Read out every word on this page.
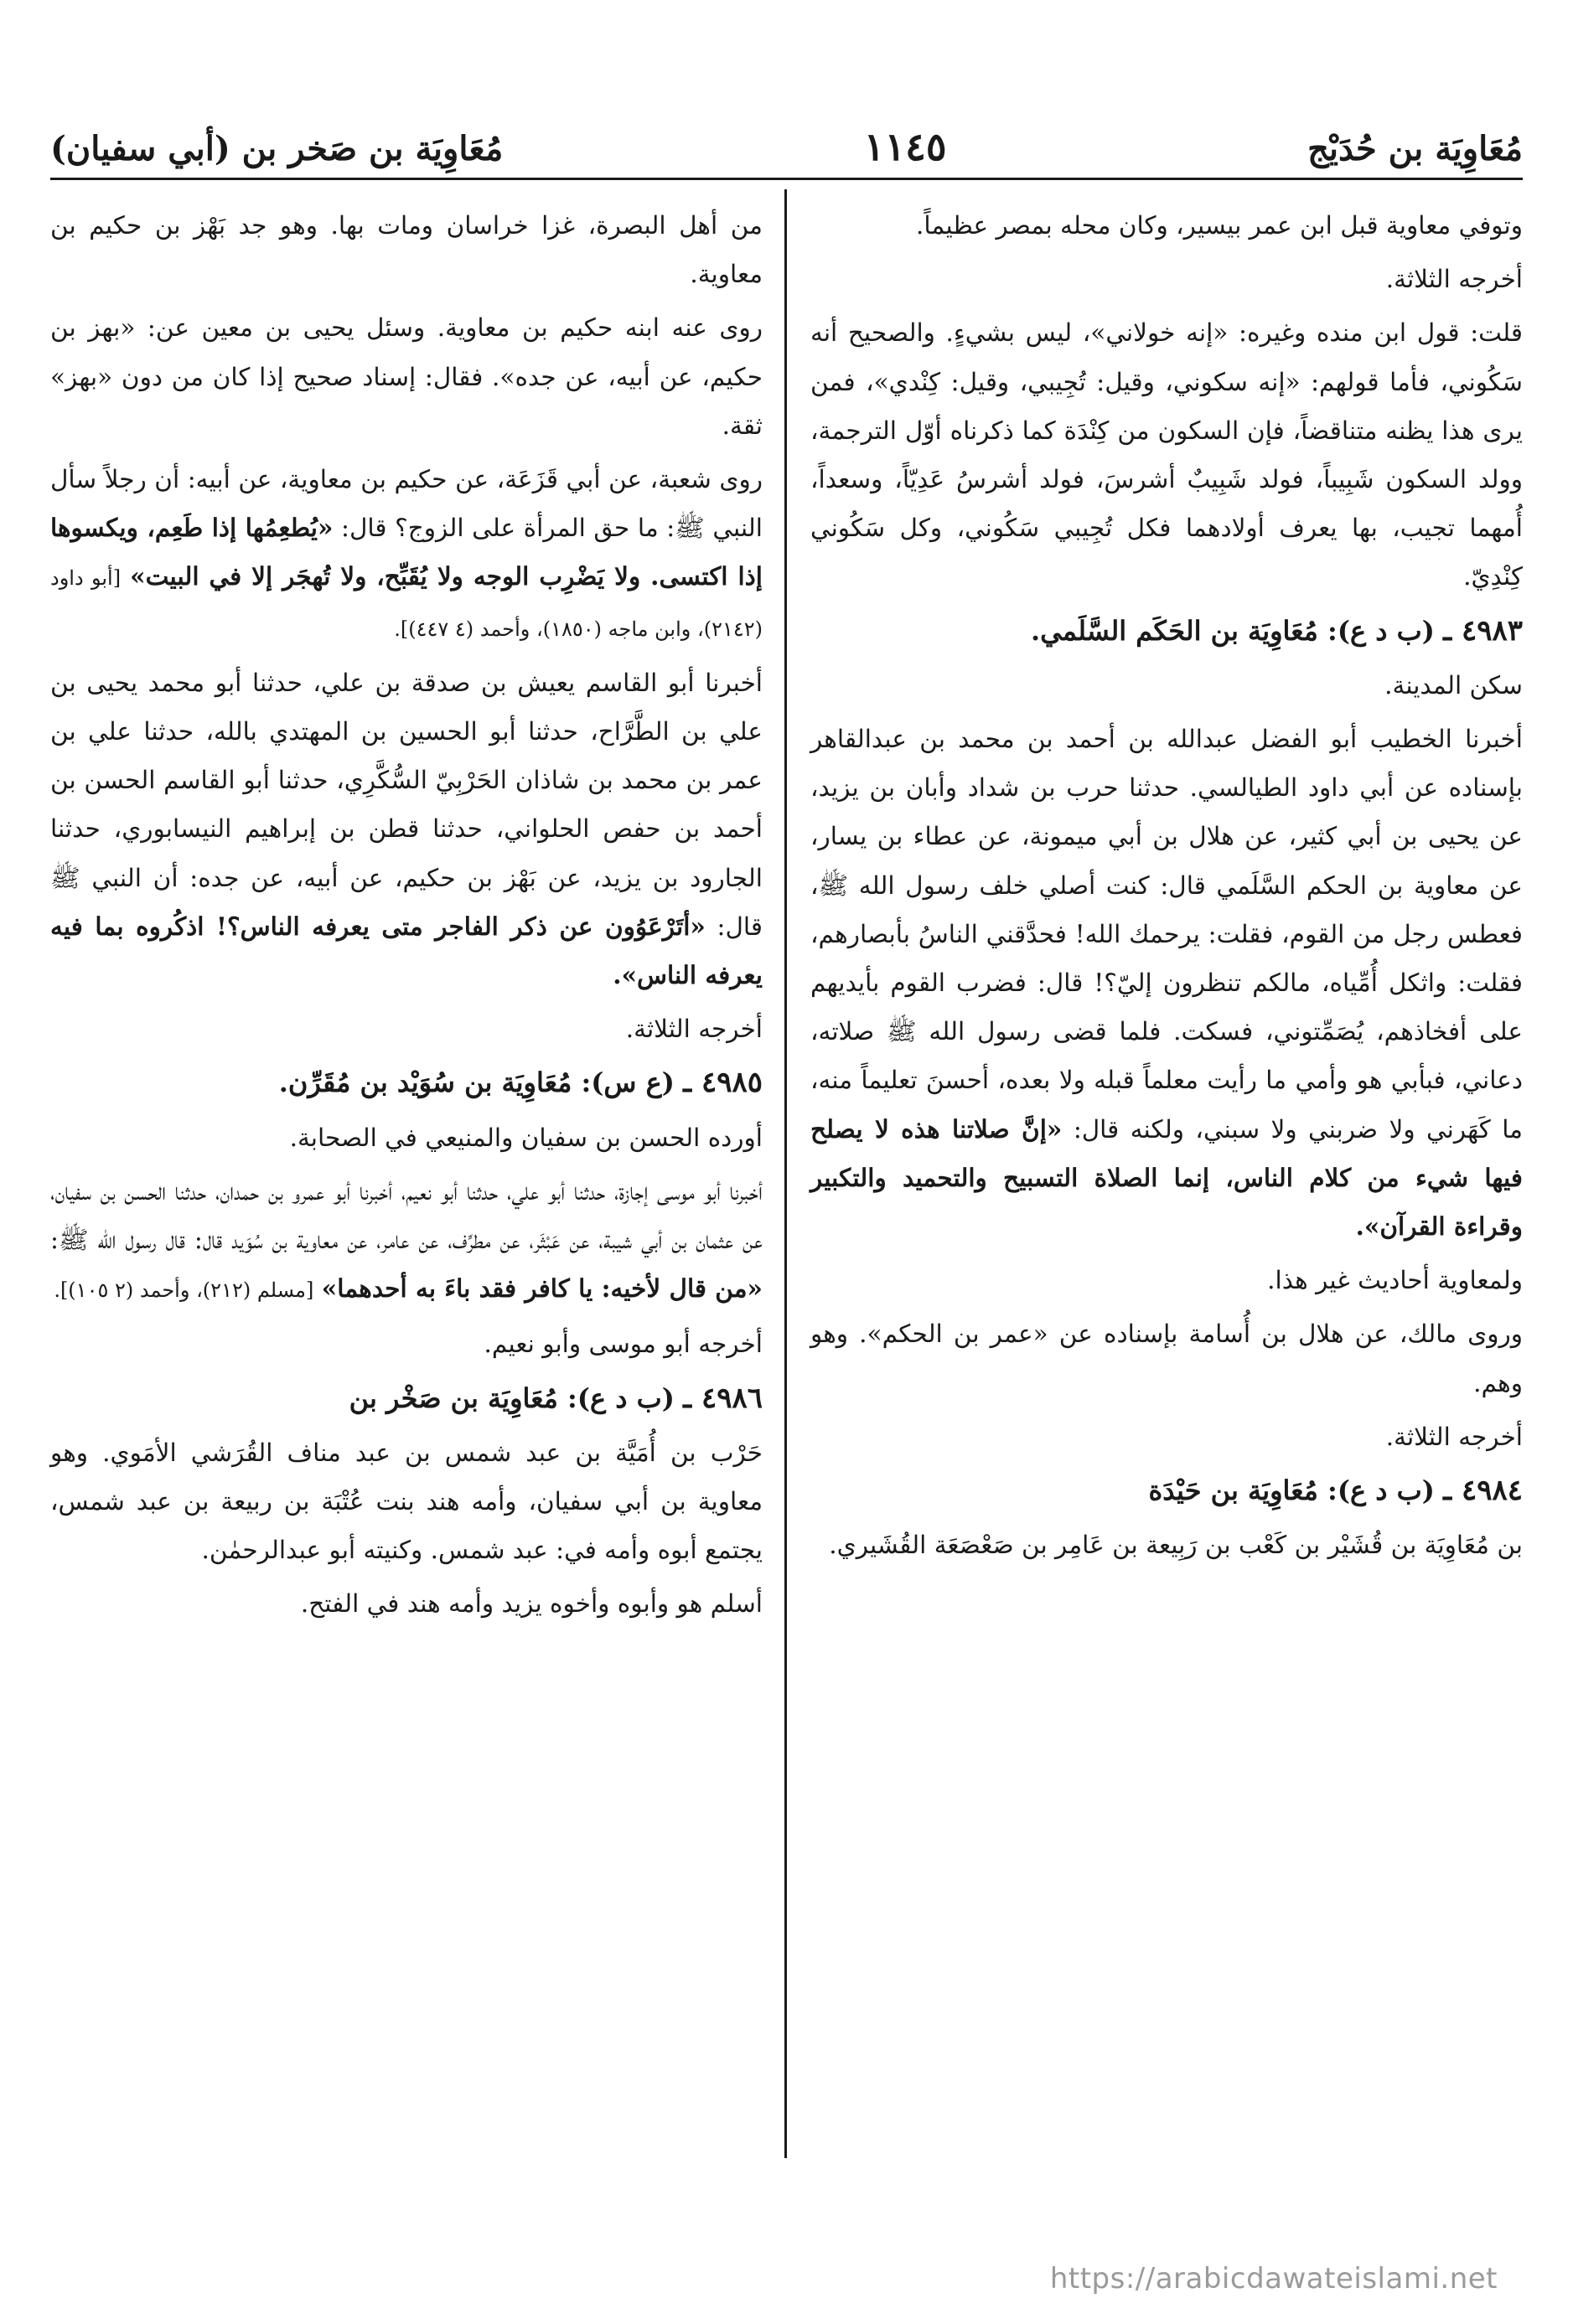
مُعَاوِيَة بن حُدَيْج
١١٤٥
مُعَاوِيَة بن صَخر بن (أبي سفيان)

وتوفي معاوية قبل ابن عمر بيسير، وكان محله بمصر عظيماً.

أخرجه الثلاثة.

قلت: قول ابن منده وغيره: «إنه خولاني»، ليس بشيءٍ. والصحيح أنه سَكُوني، فأما قولهم: «إنه سكوني، وقيل: تُجِيبي، وقيل: كِنْدي»، فمن يرى هذا يظنه متناقضاً، فإن السكون من كِنْدَة كما ذكرناه أوّل الترجمة، وولد السكون شَبِيباً، فولد شَبِيبٌ أشرسَ، فولد أشرسُ عَدِيّاً، وسعداً، أُمهما تجيب، بها يعرف أولادهما فكل تُجِيبي سَكُوني، وكل سَكُوني كِنْدِيّ.

٤٩٨٣ ـ (ب د ع): مُعَاوِيَة بن الحَكَم السَّلَمي.

سكن المدينة.

أخبرنا الخطيب أبو الفضل عبدالله بن أحمد بن محمد بن عبدالقاهر بإسناده عن أبي داود الطيالسي. حدثنا حرب بن شداد وأبان بن يزيد، عن يحيى بن أبي كثير، عن هلال بن أبي ميمونة، عن عطاء بن يسار، عن معاوية بن الحكم السَّلَمي قال: كنت أصلي خلف رسول الله ﷺ، فعطس رجل من القوم، فقلت: يرحمك الله! فحدَّقني الناسُ بأبصارهم، فقلت: واثكل أُمِّياه، مالكم تنظرون إليّ؟! قال: فضرب القوم بأيديهم على أفخاذهم، يُصَمِّتوني، فسكت. فلما قضى رسول الله ﷺ صلاته، دعاني، فبأبي هو وأمي ما رأيت معلماً قبله ولا بعده، أحسنَ تعليماً منه، ما كَهَرني ولا ضربني ولا سبني، ولكنه قال: «إنَّ صلاتنا هذه لا يصلح فيها شيء من كلام الناس، إنما الصلاة التسبيح والتحميد والتكبير وقراءة القرآن».

ولمعاوية أحاديث غير هذا.

وروى مالك، عن هلال بن أُسامة بإسناده عن «عمر بن الحكم». وهو وهم.

أخرجه الثلاثة.

٤٩٨٤ ـ (ب د ع): مُعَاوِيَة بن حَيْدَة

بن مُعَاوِيَة بن قُشَيْر بن كَعْب بن رَبِيعة بن عَامِر بن صَعْصَعَة القُشَيري.

من أهل البصرة، غزا خراسان ومات بها. وهو جد بَهْز بن حكيم بن معاوية.

روى عنه ابنه حكيم بن معاوية. وسئل يحيى بن معين عن: «بهز بن حكيم، عن أبيه، عن جده». فقال: إسناد صحيح إذا كان من دون «بهز» ثقة.

روى شعبة، عن أبي قَزَعَة، عن حكيم بن معاوية، عن أبيه: أن رجلاً سأل النبي ﷺ: ما حق المرأة على الزوج؟ قال: «يُطعِمُها إذا طَعِم، ويكسوها إذا اكتسى. ولا يَضْرِب الوجه ولا يُقَبِّح، ولا تُهجَر إلا في البيت» [أبو داود (٢١٤٢)، وابن ماجه (١٨٥٠)، وأحمد (٤ ٤٤٧)].

أخبرنا أبو القاسم يعيش بن صدقة بن علي، حدثنا أبو محمد يحيى بن علي بن الطَّرَّاح، حدثنا أبو الحسين بن المهتدي بالله، حدثنا علي بن عمر بن محمد بن شاذان الحَرْبِيّ السُّكَّرِي، حدثنا أبو القاسم الحسن بن أحمد بن حفص الحلواني، حدثنا قطن بن إبراهيم النيسابوري، حدثنا الجارود بن يزيد، عن بَهْز بن حكيم، عن أبيه، عن جده: أن النبي ﷺ قال: «أتَرْعَوُون عن ذكر الفاجر متى يعرفه الناس؟! اذكُروه بما فيه يعرفه الناس».

أخرجه الثلاثة.

٤٩٨٥ ـ (ع س): مُعَاوِيَة بن سُوَيْد بن مُقَرِّن.

أورده الحسن بن سفيان والمنيعي في الصحابة.

أخبرنا أبو موسى إجازة، حدثنا أبو علي، حدثنا أبو نعيم، أخبرنا أبو عمرو بن حمدان، حدثنا الحسن بن سفيان، عن عثمان بن أبي شيبة، عن عَبْثَر، عن مطرِّف، عن عامر، عن معاوية بن سُوَيد قال: قال رسول الله ﷺ: «من قال لأخيه: يا كافر فقد باءَ به أحدهما» [مسلم (٢١٢)، وأحمد (٢ ١٠٥)].

أخرجه أبو موسى وأبو نعيم.

٤٩٨٦ ـ (ب د ع): مُعَاوِيَة بن صَخْر بن

حَرْب بن أُمَيَّة بن عبد شمس بن عبد مناف القُرَشي الأمَوي. وهو معاوية بن أبي سفيان، وأمه هند بنت عُتْبَة بن ربيعة بن عبد شمس، يجتمع أبوه وأمه في: عبد شمس. وكنيته أبو عبدالرحمٰن.

أسلم هو وأبوه وأخوه يزيد وأمه هند في الفتح.

https://arabicdawateislami.net
